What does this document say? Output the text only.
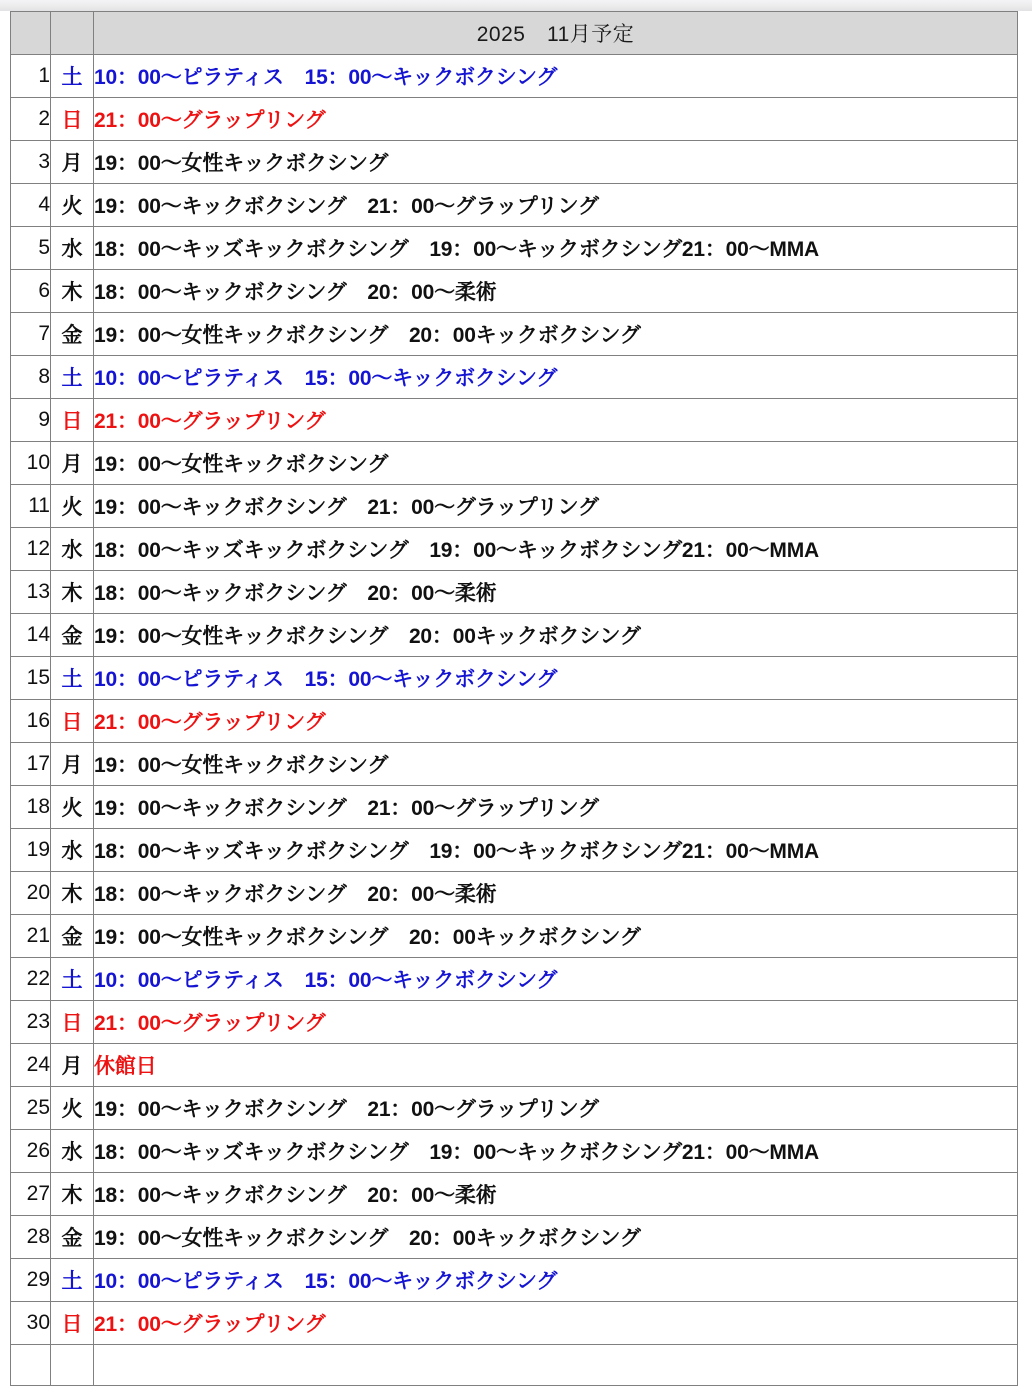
		2025　11月予定
1	土	10：00～ピラティス　15：00～キックボクシング
2	日	21：00～グラップリング
3	月	19：00～女性キックボクシング
4	火	19：00～キックボクシング　21：00～グラップリング
5	水	18：00～キッズキックボクシング　19：00～キックボクシング21：00～MMA
6	木	18：00～キックボクシング　20：00～柔術
7	金	19：00～女性キックボクシング　20：00キックボクシング
8	土	10：00～ピラティス　15：00～キックボクシング
9	日	21：00～グラップリング
10	月	19：00～女性キックボクシング
11	火	19：00～キックボクシング　21：00～グラップリング
12	水	18：00～キッズキックボクシング　19：00～キックボクシング21：00～MMA
13	木	18：00～キックボクシング　20：00～柔術
14	金	19：00～女性キックボクシング　20：00キックボクシング
15	土	10：00～ピラティス　15：00～キックボクシング
16	日	21：00～グラップリング
17	月	19：00～女性キックボクシング
18	火	19：00～キックボクシング　21：00～グラップリング
19	水	18：00～キッズキックボクシング　19：00～キックボクシング21：00～MMA
20	木	18：00～キックボクシング　20：00～柔術
21	金	19：00～女性キックボクシング　20：00キックボクシング
22	土	10：00～ピラティス　15：00～キックボクシング
23	日	21：00～グラップリング
24	月	休館日
25	火	19：00～キックボクシング　21：00～グラップリング
26	水	18：00～キッズキックボクシング　19：00～キックボクシング21：00～MMA
27	木	18：00～キックボクシング　20：00～柔術
28	金	19：00～女性キックボクシング　20：00キックボクシング
29	土	10：00～ピラティス　15：00～キックボクシング
30	日	21：00～グラップリング
